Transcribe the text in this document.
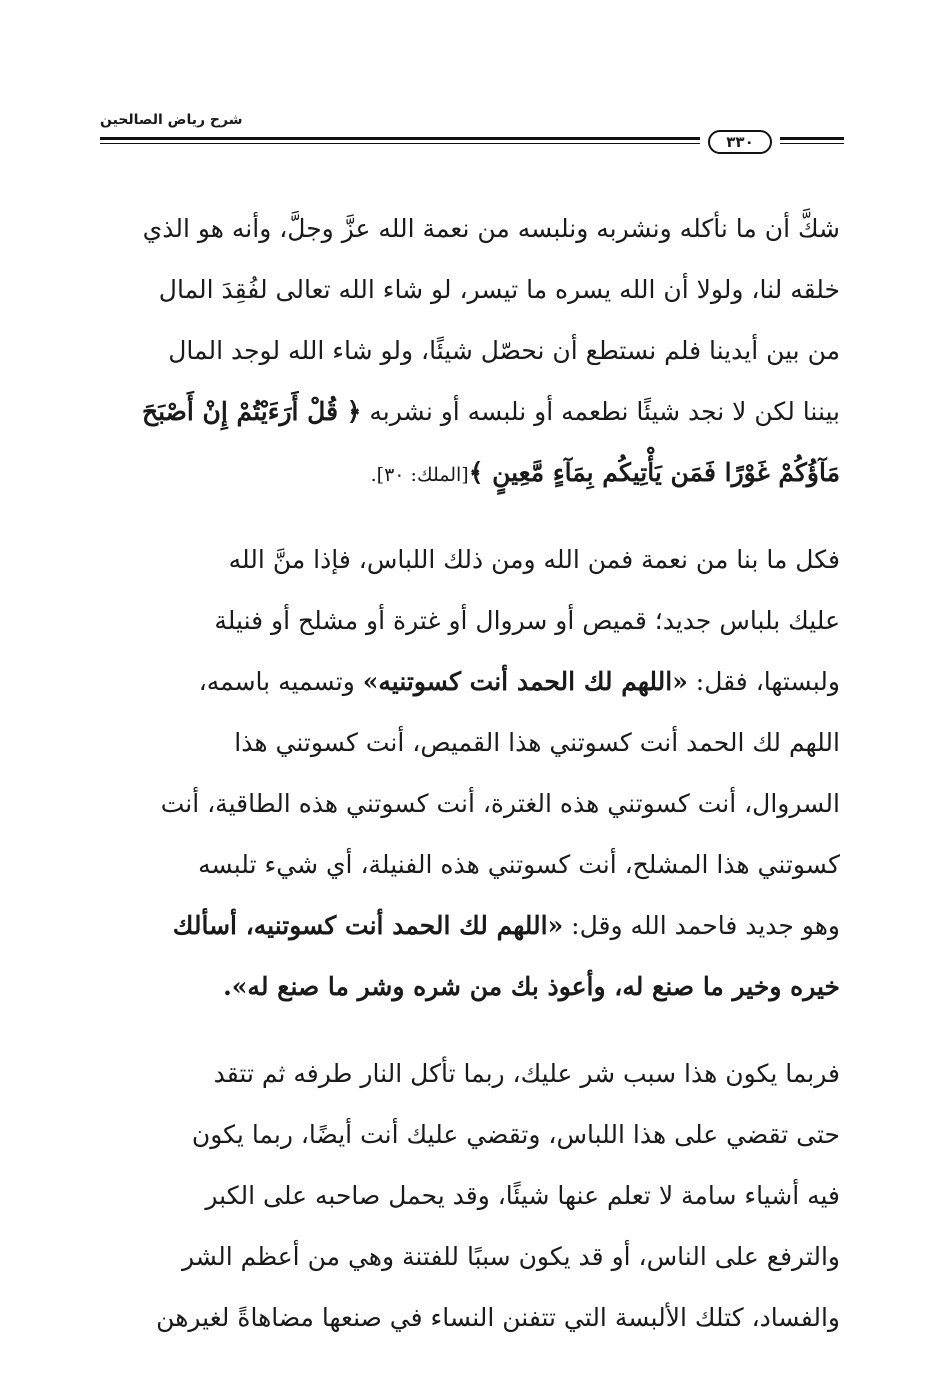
شرح رياض الصالحين
٣٣٠
شكَّ أن ما نأكله ونشربه ونلبسه من نعمة الله عزَّ وجلَّ، وأنه هو الذي
خلقه لنا، ولولا أن الله يسره ما تيسر، لو شاء الله تعالى لفُقِدَ المال
من بين أيدينا فلم نستطع أن نحصّل شيئًا، ولو شاء الله لوجد المال
بيننا لكن لا نجد شيئًا نطعمه أو نلبسه أو نشربه ﴿ قُلْ أَرَءَيْتُمْ إِنْ أَصْبَحَ
مَآؤُكُمْ غَوْرًا فَمَن يَأْتِيكُم بِمَآءٍ مَّعِينٍ ﴾[الملك: ٣٠].
فكل ما بنا من نعمة فمن الله ومن ذلك اللباس، فإذا منَّ الله
عليك بلباس جديد؛ قميص أو سروال أو غترة أو مشلح أو فنيلة
ولبستها، فقل: «اللهم لك الحمد أنت كسوتنيه» وتسميه باسمه،
اللهم لك الحمد أنت كسوتني هذا القميص، أنت كسوتني هذا
السروال، أنت كسوتني هذه الغترة، أنت كسوتني هذه الطاقية، أنت
كسوتني هذا المشلح، أنت كسوتني هذه الفنيلة، أي شيء تلبسه
وهو جديد فاحمد الله وقل: «اللهم لك الحمد أنت كسوتنيه، أسألك
خيره وخير ما صنع له، وأعوذ بك من شره وشر ما صنع له».
فربما يكون هذا سبب شر عليك، ربما تأكل النار طرفه ثم تتقد
حتى تقضي على هذا اللباس، وتقضي عليك أنت أيضًا، ربما يكون
فيه أشياء سامة لا تعلم عنها شيئًا، وقد يحمل صاحبه على الكبر
والترفع على الناس، أو قد يكون سببًا للفتنة وهي من أعظم الشر
والفساد، كتلك الألبسة التي تتفنن النساء في صنعها مضاهاةً لغيرهن
